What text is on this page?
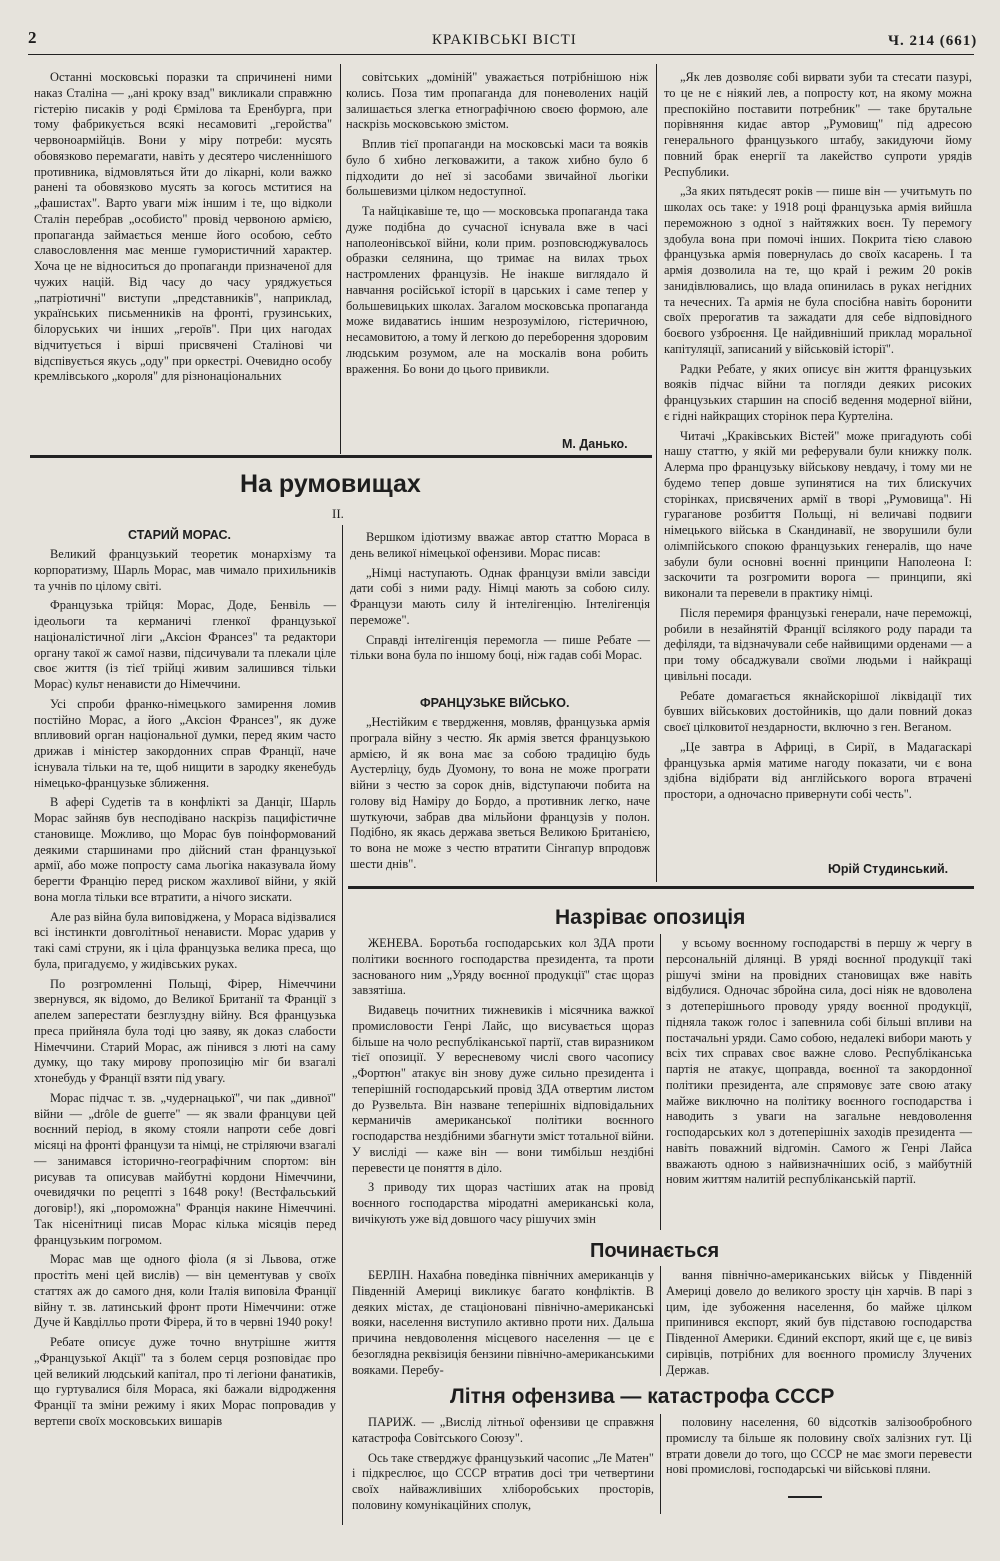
2	КРАКІВСЬКІ ВІСТІ	Ч. 214 (661)

Останні московські поразки та спричинені ними наказ Сталіна — „ані кроку взад" викликали справжню гістерію писаків у роді Єрмілова та Еренбурга, при тому фабрикується всякі несамовиті „геройства" червоноармійців. Вони у міру потреби: мусять обовязково перемагати, навіть у десятеро численнішого противника, відмовляться йти до лікарні, коли важко ранені та обовязково мусять за когось мститися на „фашистах". Варто уваги між іншим і те, що відколи Сталін перебрав „особисто" провід червоною армією, пропаганда займається менше його особою, себто славословлення має менше гумористичний характер. Хоча це не відноситься до пропаганди призначеної для чужих націй. Від часу до часу уряджується „патріотичні" виступи „представників", наприклад, українських письменників на фронті, грузинських, білоруських чи інших „героїв". При цих нагодах відчитується і вірші присвячені Сталінові чи відспівується якусь „оду" при оркестрі. Очевидно особу кремлівського „короля" для різнонаціональних

совітських „доміній" уважається потрібнішою ніж колись. Поза тим пропаганда для поневолених націй залишається злегка етнографічною своєю формою, але наскрізь московською змістом.

Вплив тієї пропаганди на московські маси та вояків було б хибно легковажити, а також хибно було б підходити до неї зі засобами звичайної льогіки большевизми цілком недоступної.

Та найцікавіше те, що — московська пропаганда така дуже подібна до сучасної існувала вже в часі наполеонівської війни, коли прим. розповсюджувалось образки селянина, що тримає на вилах трьох настромлених французів. Не інакше виглядало й навчання російської історії в царських і саме тепер у большевицьких школах. Загалом московська пропаганда може видаватись іншим незрозумілою, гістеричною, несамовитою, а тому й легкою до переборення здоровим людським розумом, але на москалів вона робить враження. Бо вони до цього привикли.

М. Данько.
На румовищах
II.
СТАРИЙ МОРАС.

Великий французький теоретик монархізму та корпоратизму, Шарль Морас, мав чимало прихильників та учнів по цілому світі.

Французька трійця: Морас, Доде, Бенвіль — ідеольоги та керманичі гленкої французької націоналістичної ліги „Аксіон Франсез" та редактори органу такої ж самої назви, підсичували та плекали ціле своє життя (із тієї трійці живим залишився тільки Морас) культ ненависти до Німеччини.

Усі спроби франко-німецького замирення ломив постійно Морас, а його „Аксіон Франсез", як дуже впливовий орган національної думки, перед яким часто дрижав і міністер закордонних справ Франції, наче існувала тільки на те, щоб нищити в зародку якенебудь німецько-французьке зближення.

В афері Судетів та в конфлікті за Данціг, Шарль Морас зайняв був несподівано наскрізь пацифістичне становище. Можливо, що Морас був поінформований деякими старшинами про дійсний стан французької армії, або може попросту сама льогіка наказувала йому берегти Францію перед риском жахливої війни, у якій вона могла тільки все втратити, а нічого зискати.

Але раз війна була виповіджена, у Мораса відізвалися всі інстинкти довголітньої ненависти. Морас ударив у такі самі струни, як і ціла французька велика преса, що була, пригадуємо, у жидівських руках.

По розгромленні Польщі, Фірер, Німеччини звернувся, як відомо, до Великої Британії та Франції з апелем заперестати безглуздну війну. Вся французька преса прийняла була тоді цю заяву, як доказ слабости Німеччини. Старий Морас, аж пінився з люті на саму думку, що таку мирову пропозицію міг би взагалі хтонебудь у Франції взяти під увагу.

Морас підчас т. зв. „чудернацької", чи пак „дивної" війни — „drôle de guerre" — як звали француви цей воєнний період, в якому стояли напроти себе довгі місяці на фронті французи та німці, не стріляючи взагалі — занимався історично-географічним спортом: він рисував та описував майбутні кордони Німеччини, очевидячки по рецепті з 1648 року! (Вестфальський договір!), які „пороможна" Франція накине Німеччині. Так нісенітниці писав Морас кілька місяців перед французьким погромом.

Морас мав ще одного фіола (я зі Львова, отже простіть мені цей вислів) — він цементував у своїх статтях аж до самого дня, коли Італія виповіла Франції війну т. зв. латинський фронт проти Німеччини: отже Дуче й Кавділльо проти Фірера, й то в червні 1940 року!

Ребате описує дуже точно внутрішне життя „Французької Акції" та з болем серця розповідає про цей великий людський капітал, про ті легіони фанатиків, що гуртувалися біля Мораса, які бажали відродження Франції та зміни режиму і яких Морас попровадив у вертепи своїх московських вишарів

Вершком ідіотизму вважає автор статтю Мораса в день великої німецької офензиви. Морас писав:

„Німці наступають. Однак французи вміли завсіди дати собі з ними раду. Німці мають за собою силу. Французи мають силу й інтелігенцію. Інтелігенція переможе".

Справді інтелігенція перемогла — пише Ребате — тільки вона була по іншому боці, ніж гадав собі Морас.

ФРАНЦУЗЬКЕ ВІЙСЬКО.

„Нестійким є твердження, мовляв, французька армія програла війну з честю. Як армія звется французькою армією, й як вона має за собою традицію будь Аустерліцу, будь Дуомону, то вона не може програти війни з честю за сорок днів, відступаючи побита на голову від Наміру до Бордо, а противник легко, наче шуткуючи, забрав два мільйони французів у полон. Подібно, як якась держава зветься Великою Британією, то вона не може з честю втратити Сінгапур впродовж шести днів".

„Як лев дозволяє собі вирвати зуби та стесати пазурі, то це не є ніякий лев, а попросту кот, на якому можна преспокійно поставити потребник" — таке брутальне порівняння кидає автор „Румовищ" під адресою генерального французького штабу, закидуючи йому повний брак енергії та лакейство супроти урядів Республики.

„За яких пятьдесят років — пише він — учитьмуть по школах ось таке: у 1918 році французька армія вийшла переможною з одної з найтяжких воєн. Ту перемогу здобула вона при помочі інших. Покрита тією славою французька армія повернулась до своїх касарень. І та армія дозволила на те, що край і режим 20 років занидівлювались, що влада опинилась в руках негідних та нечесних. Та армія не була спосібна навіть боронити своїх прерогатив та зажадати для себе відповідного боєвого узброєння. Це найдивніший приклад моральної капітуляції, записаний у військовій історії".

Радки Ребате, у яких описує він життя французьких вояків підчас війни та погляди деяких рисоких французьких старшин на спосіб ведення модерної війни, є гідні найкращих сторінок пера Куртеліна.

Читачі „Краківських Вістей" може пригадують собі нашу статтю, у якій ми реферували були книжку полк. Алерма про французьку військову невдачу, і тому ми не будемо тепер довше зупинятися на тих блискучих сторінках, присвячених армії в творі „Румовища". Ні гураганове розбиття Польщі, ні величаві подвиги німецького війська в Скандинавії, не зворушили були олімпійського спокою французьких генералів, що наче забули були основні воєнні принципи Наполеона I: заскочити та розгромити ворога — принципи, які виконали та перевели в практику німці.

Після перемиря французькі генерали, наче переможці, робили в незайнятій Франції всілякого роду паради та дефіляди, та відзначували себе найвищими орденами — а при тому обсаджували своїми людьми і найкращі цивільні посади.

Ребате домагається якнайскорішої ліквідації тих бувших військових достойників, що дали повний доказ своєї цілковитої нездарности, включно з ген. Веганом.

„Це завтра в Африці, в Сирії, в Мадагаскарі французька армія матиме нагоду показати, чи є вона здібна відібрати від англійського ворога втрачені простори, а одночасно привернути собі честь".

Юрій Студинський.
Назріває опозиція

ЖЕНЕВА. Боротьба господарських кол ЗДА проти політики воєнного господарства президента, та проти заснованого ним „Уряду воєнної продукції" стає щораз завзятіша.

Видавець почитних тижневиків і місячника важкої промисловости Генрі Лайс, що висувається щораз більше на чоло республіканської партії, став виразником тієї опозиції. У вересневому числі свого часопису „Фортюн" атакує він знову дуже сильно президента і теперішній господарський провід ЗДА отвертим листом до Рузвельта. Він назване теперішніх відповідальних керманичів американської політики воєнного господарства нездібними збагнути зміст тотальної війни. У висліді — каже він — вони тимбільш нездібні перевести це поняття в діло.

З приводу тих щораз частіших атак на провід воєнного господарства міродатні американські кола, вичікують уже від довшого часу рішучих змін

у всьому воєнному господарстві в першу ж чергу в персональній ділянці. В уряді воєнної продукції такі рішучі зміни на провідних становищах вже навіть відбулися. Одночас збройна сила, досі ніяк не вдоволена з дотеперішнього проводу уряду воєнної продукції, піднялa також голос і запевнила собі більші впливи на постачальні уряди. Само собою, недалекі вибори мають у всіх тих справах своє важне слово. Республіканська партія не атакує, щоправда, воєнної та закордонної політики президента, але спрямовує зате свою атаку майже виключно на політику воєнного господарства і наводить з уваги на загальне невдоволення господарських кол з дотеперішніх заходів президента — навіть поважний відгомін. Самого ж Генрі Лайса вважають одною з найвизначніших осіб, з майбутній новим життям налитій республіканській партії.

Починається

БЕРЛІН. Нахабна поведінка північних американців у Південній Америці викликує багато конфліктів. В деяких містах, де стаціоновані північно-американські вояки, населення виступило активно проти них. Дальша причина невдоволення місцевого населення — це є безоглядна реквізиція бензини північно-американськими вояками. Перебу-

вання північно-американських військ у Південній Америці довело до великого зросту цін харчів. В парі з цим, іде зубоження населення, бо майже цілком припинився експорт, який був підставою господарства Південної Америки. Єдиний експорт, який ще є, це вивіз сирівців, потрібних для воєнного промислу Злучених Держав.

Літня офензива — катастрофа СССР

ПАРИЖ. — „Вислід літньої офензиви це справжня катастрофа Совітського Союзу".

Ось таке стверджує французький часопис „Ле Матен" і підкреслює, що СССР втратив досі три четвертини своїх найважливіших хліборобських просторів, половину комунікаційних сполук,

половину населення, 60 відсотків залізообробного промислу та більше як половину своїх залізних гут. Ці втрати довели до того, що СССР не має змоги перевести нові промислові, господарські чи військові пляни.
